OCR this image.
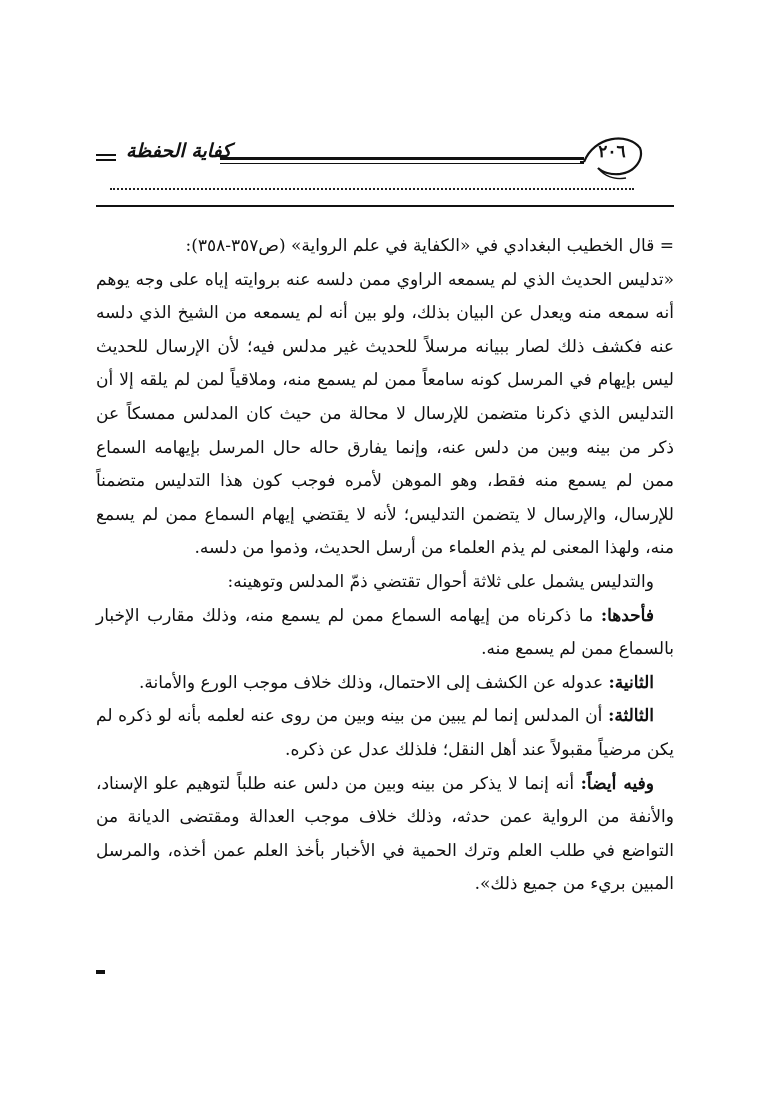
٢٠٦
كفاية الحفظة

= قال الخطيب البغدادي في «الكفاية في علم الرواية» (ص٣٥٧-٣٥٨):

«تدليس الحديث الذي لم يسمعه الراوي ممن دلسه عنه بروايته إياه على وجه يوهم أنه سمعه منه ويعدل عن البيان بذلك، ولو بين أنه لم يسمعه من الشيخ الذي دلسه عنه فكشف ذلك لصار ببيانه مرسلاً للحديث غير مدلس فيه؛ لأن الإرسال للحديث ليس بإيهام في المرسل كونه سامعاً ممن لم يسمع منه، وملاقياً لمن لم يلقه إلا أن التدليس الذي ذكرنا متضمن للإرسال لا محالة من حيث كان المدلس ممسكاً عن ذكر من بينه وبين من دلس عنه، وإنما يفارق حاله حال المرسل بإيهامه السماع ممن لم يسمع منه فقط، وهو الموهن لأمره فوجب كون هذا التدليس متضمناً للإرسال، والإرسال لا يتضمن التدليس؛ لأنه لا يقتضي إيهام السماع ممن لم يسمع منه، ولهذا المعنى لم يذم العلماء من أرسل الحديث، وذموا من دلسه.

والتدليس يشمل على ثلاثة أحوال تقتضي ذمّ المدلس وتوهينه:

فأحدها: ما ذكرناه من إيهامه السماع ممن لم يسمع منه، وذلك مقارب الإخبار بالسماع ممن لم يسمع منه.

الثانية: عدوله عن الكشف إلى الاحتمال، وذلك خلاف موجب الورع والأمانة.

الثالثة: أن المدلس إنما لم يبين من بينه وبين من روى عنه لعلمه بأنه لو ذكره لم يكن مرضياً مقبولاً عند أهل النقل؛ فلذلك عدل عن ذكره.

وفيه أيضاً: أنه إنما لا يذكر من بينه وبين من دلس عنه طلباً لتوهيم علو الإسناد، والأنفة من الرواية عمن حدثه، وذلك خلاف موجب العدالة ومقتضى الديانة من التواضع في طلب العلم وترك الحمية في الأخبار بأخذ العلم عمن أخذه، والمرسل المبين بريء من جميع ذلك».
